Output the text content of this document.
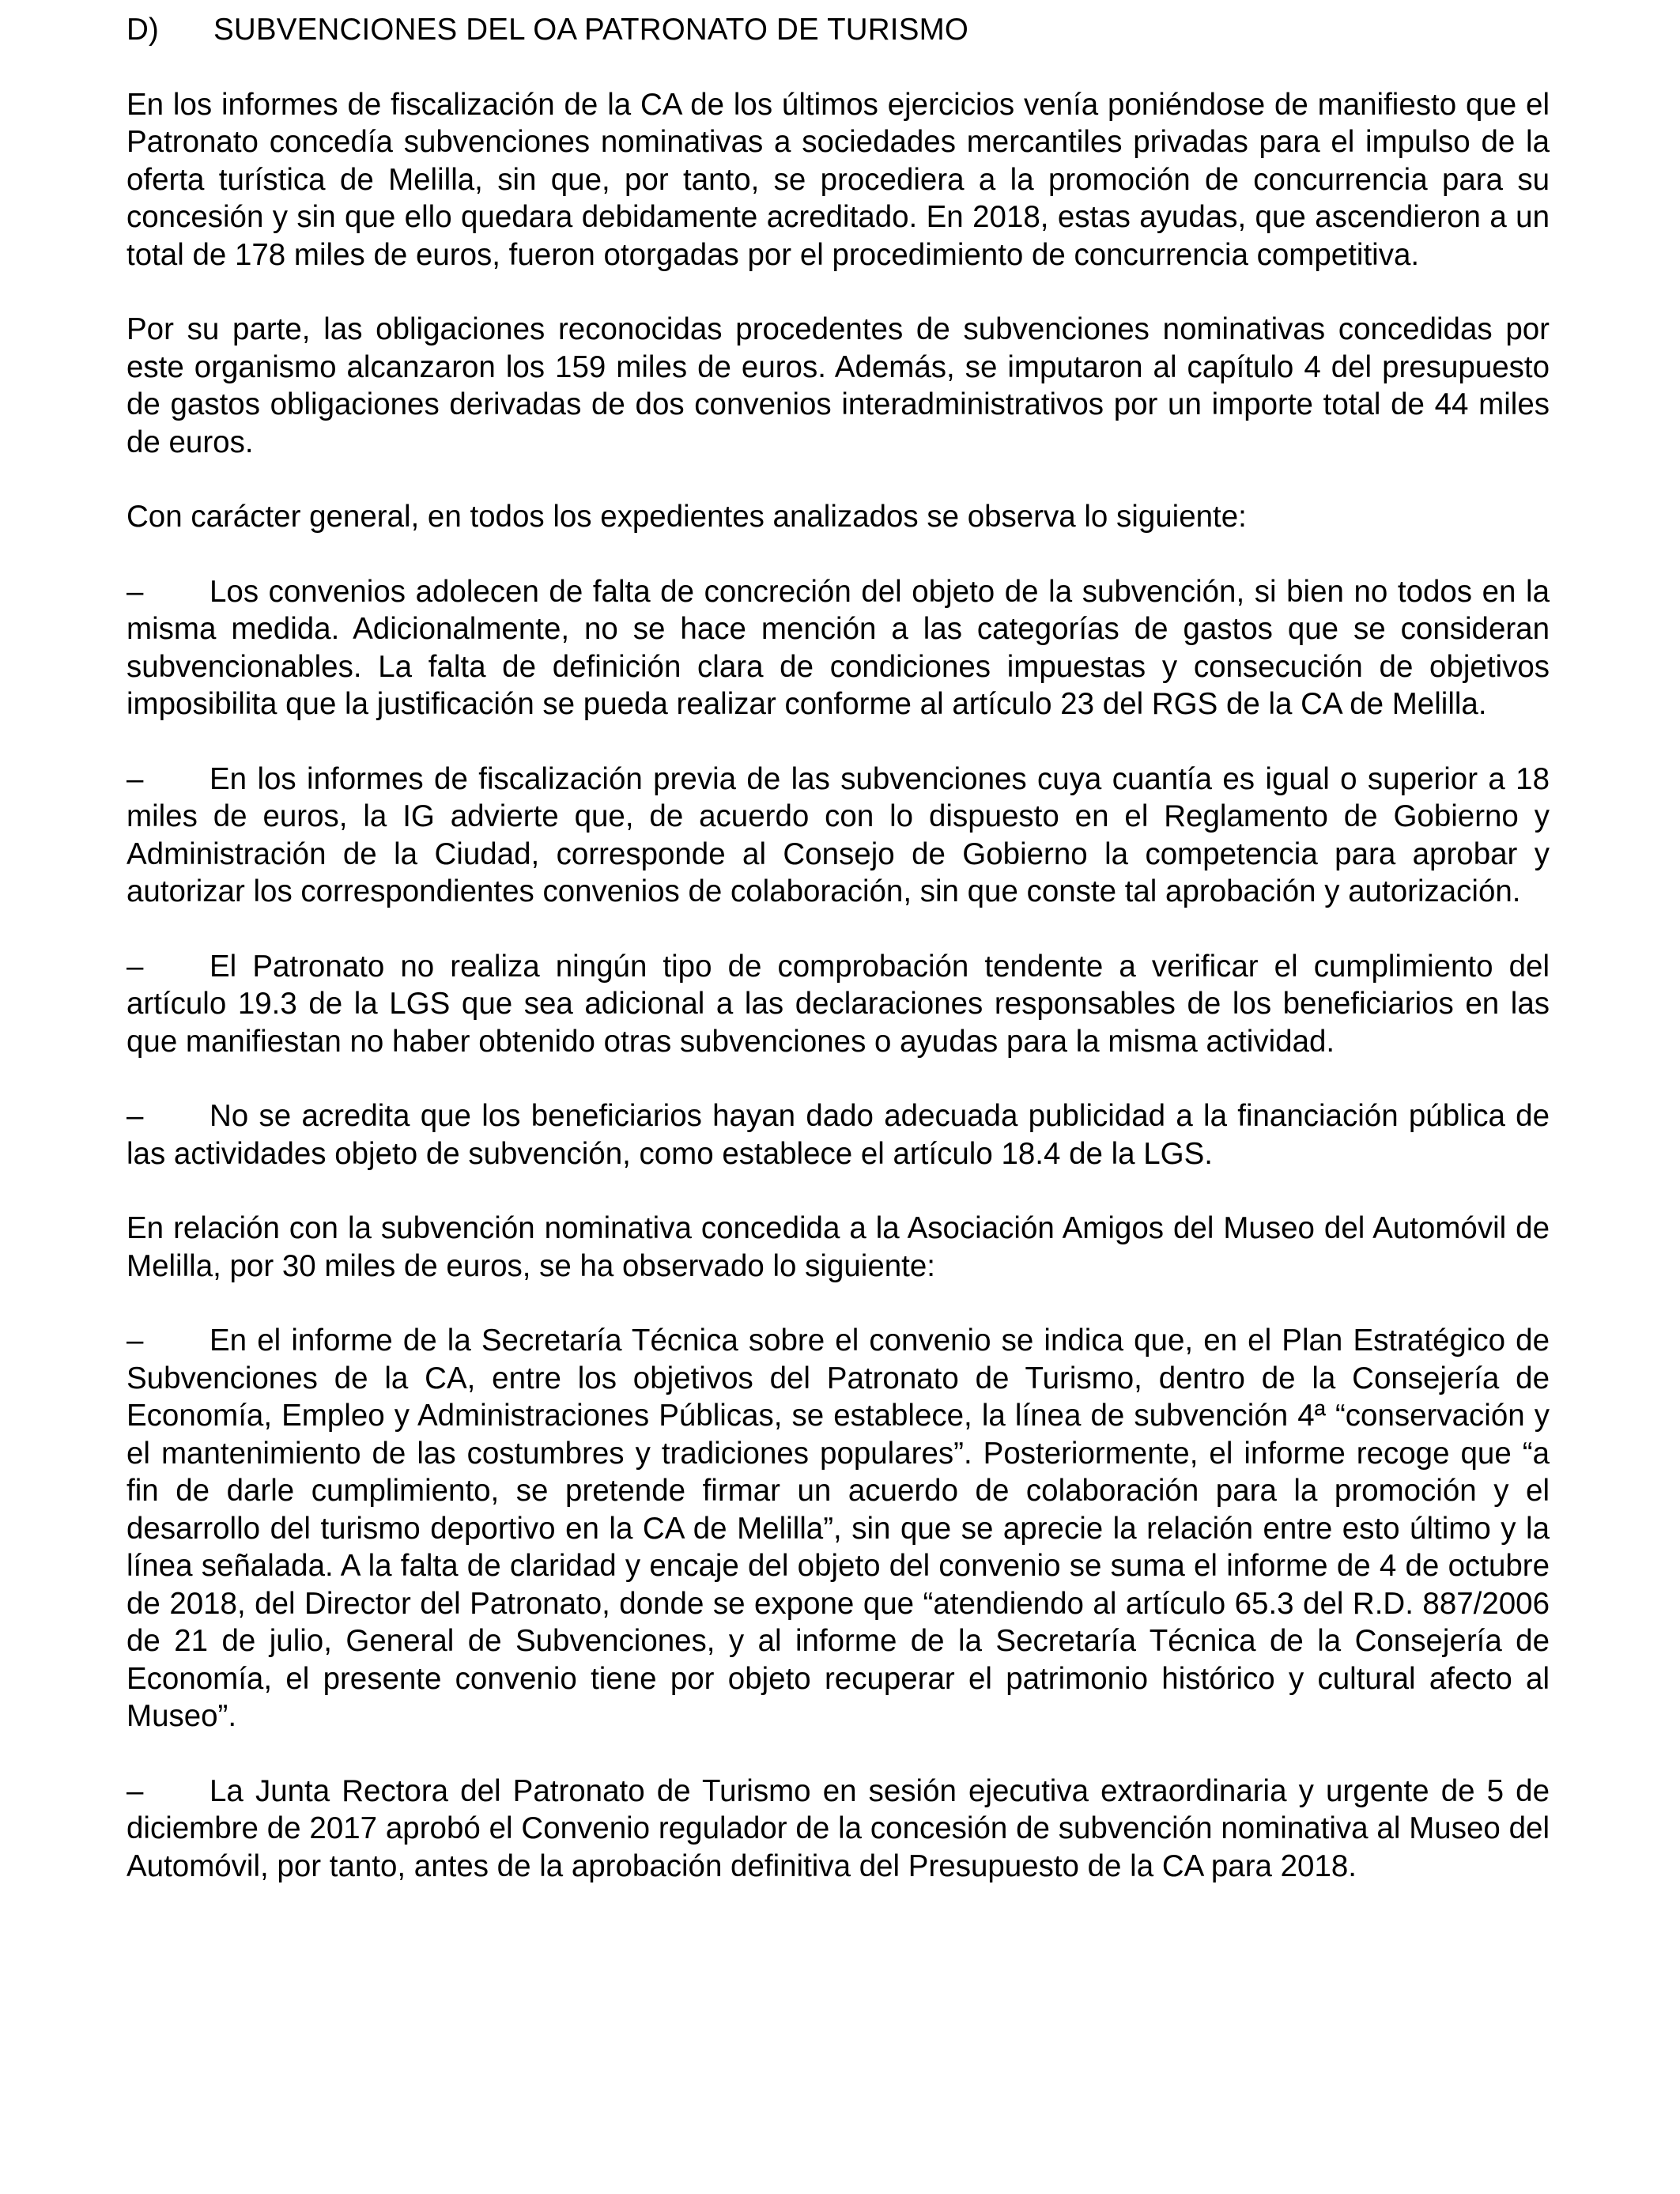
D)	SUBVENCIONES DEL OA PATRONATO DE TURISMO

En los informes de fiscalización de la CA de los últimos ejercicios venía poniéndose de manifiesto que el Patronato concedía subvenciones nominativas a sociedades mercantiles privadas para el impulso de la oferta turística de Melilla, sin que, por tanto, se procediera a la promoción de concurrencia para su concesión y sin que ello quedara debidamente acreditado. En 2018, estas ayudas, que ascendieron a un total de 178 miles de euros, fueron otorgadas por el procedimiento de concurrencia competitiva.

Por su parte, las obligaciones reconocidas procedentes de subvenciones nominativas concedidas por este organismo alcanzaron los 159 miles de euros. Además, se imputaron al capítulo 4 del presupuesto de gastos obligaciones derivadas de dos convenios interadministrativos por un importe total de 44 miles de euros.

Con carácter general, en todos los expedientes analizados se observa lo siguiente:

– Los convenios adolecen de falta de concreción del objeto de la subvención, si bien no todos en la misma medida. Adicionalmente, no se hace mención a las categorías de gastos que se consideran subvencionables. La falta de definición clara de condiciones impuestas y consecución de objetivos imposibilita que la justificación se pueda realizar conforme al artículo 23 del RGS de la CA de Melilla.
– En los informes de fiscalización previa de las subvenciones cuya cuantía es igual o superior a 18 miles de euros, la IG advierte que, de acuerdo con lo dispuesto en el Reglamento de Gobierno y Administración de la Ciudad, corresponde al Consejo de Gobierno la competencia para aprobar y autorizar los correspondientes convenios de colaboración, sin que conste tal aprobación y autorización.
– El Patronato no realiza ningún tipo de comprobación tendente a verificar el cumplimiento del artículo 19.3 de la LGS que sea adicional a las declaraciones responsables de los beneficiarios en las que manifiestan no haber obtenido otras subvenciones o ayudas para la misma actividad.
– No se acredita que los beneficiarios hayan dado adecuada publicidad a la financiación pública de las actividades objeto de subvención, como establece el artículo 18.4 de la LGS.

En relación con la subvención nominativa concedida a la Asociación Amigos del Museo del Automóvil de Melilla, por 30 miles de euros, se ha observado lo siguiente:

– En el informe de la Secretaría Técnica sobre el convenio se indica que, en el Plan Estratégico de Subvenciones de la CA, entre los objetivos del Patronato de Turismo, dentro de la Consejería de Economía, Empleo y Administraciones Públicas, se establece, la línea de subvención 4ª “conservación y el mantenimiento de las costumbres y tradiciones populares”. Posteriormente, el informe recoge que “a fin de darle cumplimiento, se pretende firmar un acuerdo de colaboración para la promoción y el desarrollo del turismo deportivo en la CA de Melilla”, sin que se aprecie la relación entre esto último y la línea señalada. A la falta de claridad y encaje del objeto del convenio se suma el informe de 4 de octubre de 2018, del Director del Patronato, donde se expone que “atendiendo al artículo 65.3 del R.D. 887/2006 de 21 de julio, General de Subvenciones, y al informe de la Secretaría Técnica de la Consejería de Economía, el presente convenio tiene por objeto recuperar el patrimonio histórico y cultural afecto al Museo”.
– La Junta Rectora del Patronato de Turismo en sesión ejecutiva extraordinaria y urgente de 5 de diciembre de 2017 aprobó el Convenio regulador de la concesión de subvención nominativa al Museo del Automóvil, por tanto, antes de la aprobación definitiva del Presupuesto de la CA para 2018.
